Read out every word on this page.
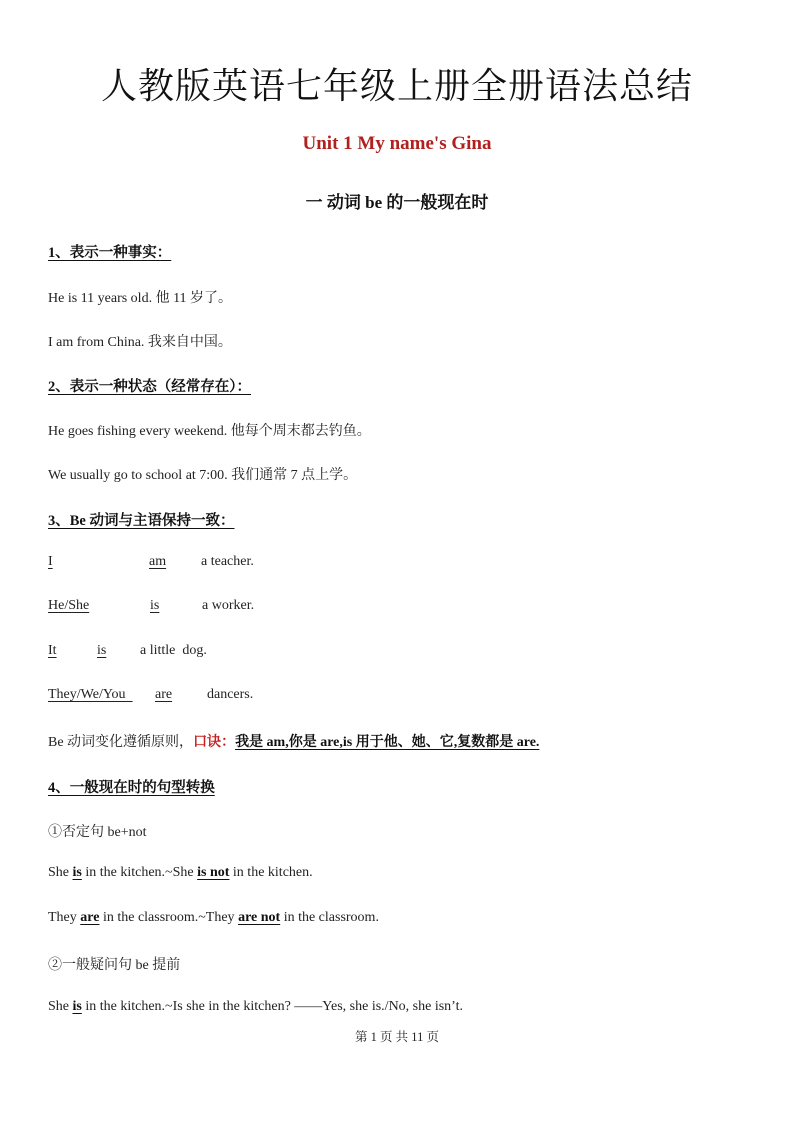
人教版英语七年级上册全册语法总结
Unit 1 My name's Gina
一 动词 be 的一般现在时
1、表示一种事实：
He is 11 years old. 他 11 岁了。
I am from China. 我来自中国。
2、表示一种状态（经常存在）：
He goes fishing every weekend. 他每个周末都去钓鱼。
We usually go to school at 7:00. 我们通常 7 点上学。
3、Be 动词与主语保持一致：
I	am a teacher.
He/She	is	a worker.
It	is a little  dog.
They/We/You are dancers.
Be 动词变化遵循原则，口诀：我是 am,你是 are,is 用于他、她、它,复数都是 are.
4、一般现在时的句型转换
①否定句 be+not
She is in the kitchen.~She is not in the kitchen.
They are in the classroom.~They are not in the classroom.
②一般疑问句 be 提前
She is in the kitchen.~Is she in the kitchen? ——Yes, she is./No, she isn’t.
第 1 页 共 11 页
